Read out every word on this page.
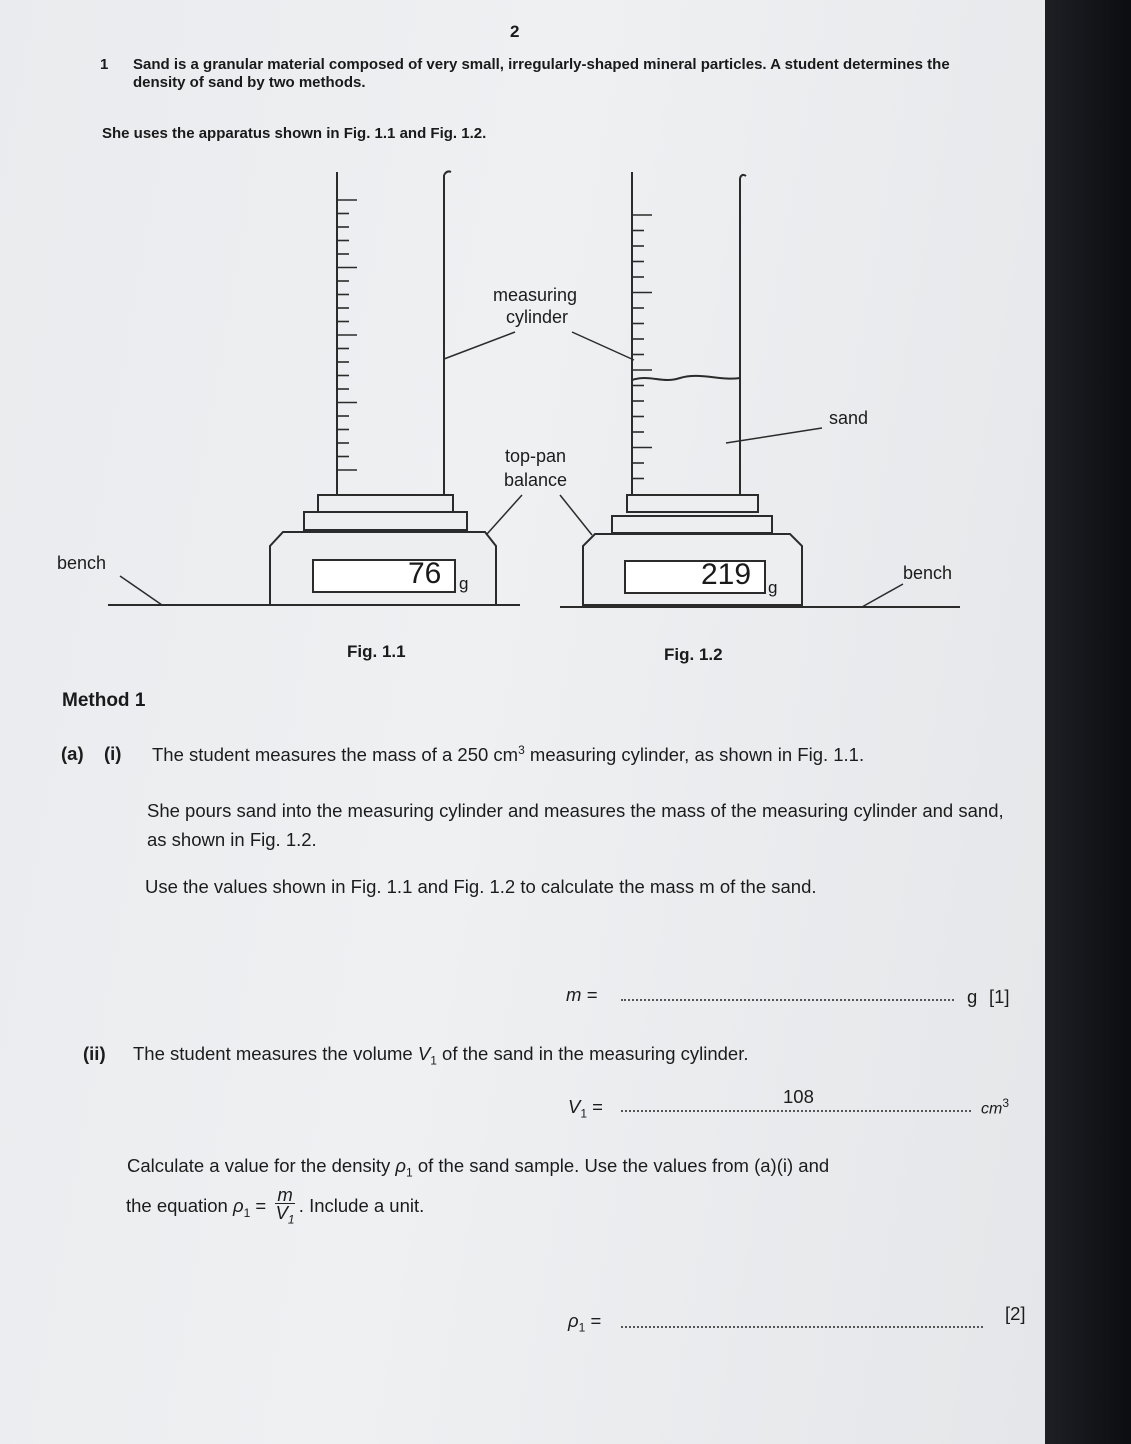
2
1 Sand is a granular material composed of very small, irregularly-shaped mineral particles. A student determines the density of sand by two methods.
She uses the apparatus shown in Fig. 1.1 and Fig. 1.2.
measuring
cylinder
sand
top-pan
balance
bench	bench
76 g	219 g
Fig. 1.1	Fig. 1.2
Method 1
(a) (i) The student measures the mass of a 250 $cm^3$ measuring cylinder, as shown in Fig. 1.1.
She pours sand into the measuring cylinder and measures the mass of the measuring cylinder and sand, as shown in Fig. 1.2.
Use the values shown in Fig. 1.1 and Fig. 1.2 to calculate the mass m of the sand.
m =	g [1]
(ii) The student measures the volume $V_1$ of the sand in the measuring cylinder.
$V_1$ =	108
$cm^3$
Calculate a value for the density $\rho_1$ of the sand sample. Use the values from (a)(i) and
the equation $\rho_1 = \frac{m}{V_1}$ . Include a unit.
$\rho_1$ =	[2]
